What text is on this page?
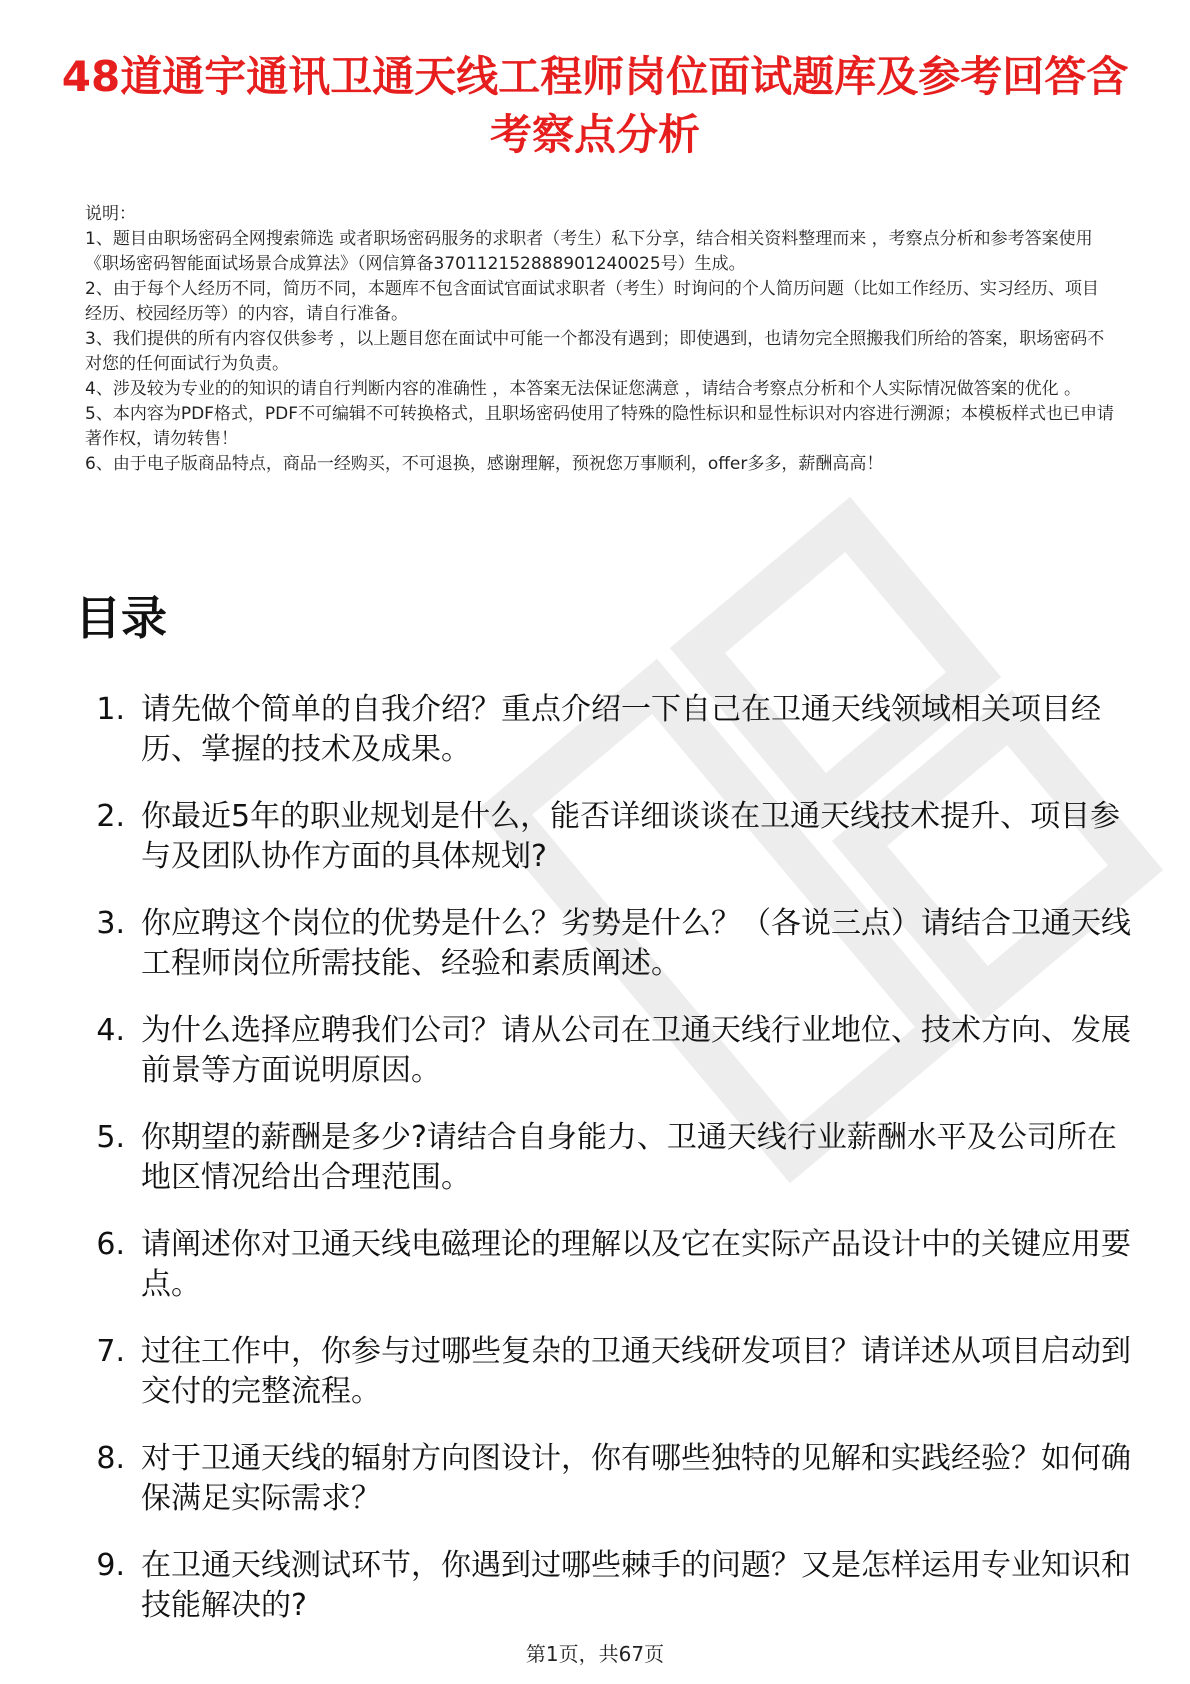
48道通宇通讯卫通天线工程师岗位面试题库及参考回答含考察点分析

说明：

1、题目由职场密码全网搜索筛选 或者职场密码服务的求职者（考生）私下分享，结合相关资料整理而来 ，考察点分析和参考答案使用《职场密码智能面试场景合成算法》（网信算备370112152888901240025号）生成。

2、由于每个人经历不同，简历不同，本题库不包含面试官面试求职者（考生）时询问的个人简历问题（比如工作经历、实习经历、项目经历、校园经历等）的内容，请自行准备。

3、我们提供的所有内容仅供参考 ，以上题目您在面试中可能一个都没有遇到；即使遇到，也请勿完全照搬我们所给的答案，职场密码不对您的任何面试行为负责。

4、涉及较为专业的的知识的请自行判断内容的准确性 ，本答案无法保证您满意 ，请结合考察点分析和个人实际情况做答案的优化 。

5、本内容为PDF格式，PDF不可编辑不可转换格式，且职场密码使用了特殊的隐性标识和显性标识对内容进行溯源；本模板样式也已申请著作权，请勿转售！

6、由于电子版商品特点，商品一经购买，不可退换，感谢理解，预祝您万事顺利，offer多多，薪酬高高！

目录
1. 请先做个简单的自我介绍？重点介绍一下自己在卫通天线领域相关项目经历、掌握的技术及成果。
2. 你最近5年的职业规划是什么，能否详细谈谈在卫通天线技术提升、项目参与及团队协作方面的具体规划?
3. 你应聘这个岗位的优势是什么？劣势是什么？（各说三点）请结合卫通天线工程师岗位所需技能、经验和素质阐述。
4. 为什么选择应聘我们公司？请从公司在卫通天线行业地位、技术方向、发展前景等方面说明原因。
5. 你期望的薪酬是多少?请结合自身能力、卫通天线行业薪酬水平及公司所在地区情况给出合理范围。
6. 请阐述你对卫通天线电磁理论的理解以及它在实际产品设计中的关键应用要点。
7. 过往工作中，你参与过哪些复杂的卫通天线研发项目？请详述从项目启动到交付的完整流程。
8. 对于卫通天线的辐射方向图设计，你有哪些独特的见解和实践经验？如何确保满足实际需求？
9. 在卫通天线测试环节，你遇到过哪些棘手的问题？又是怎样运用专业知识和技能解决的?
第1页，共67页
